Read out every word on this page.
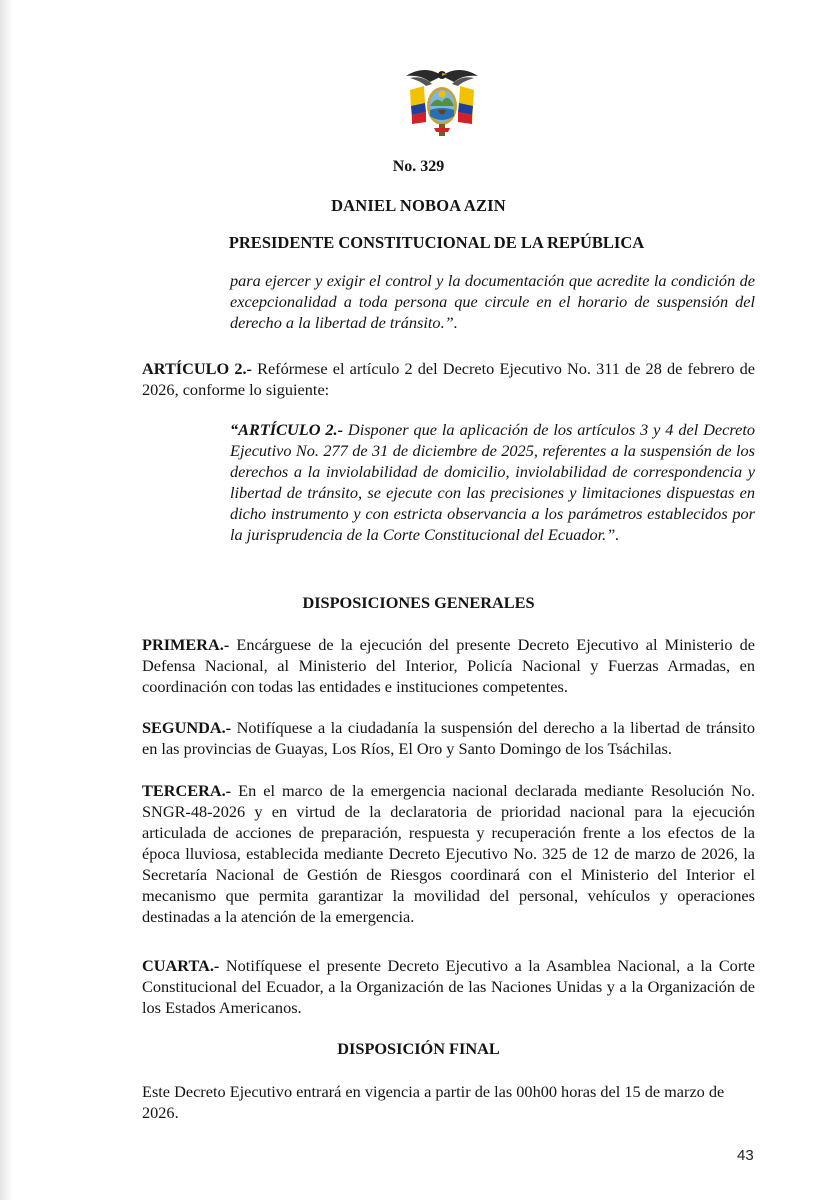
No. 329
DANIEL NOBOA AZIN
PRESIDENTE CONSTITUCIONAL DE LA REPÚBLICA

para ejercer y exigir el control y la documentación que acredite la condición de excepcionalidad a toda persona que circule en el horario de suspensión del derecho a la libertad de tránsito.”.

ARTÍCULO 2.- Refórmese el artículo 2 del Decreto Ejecutivo No. 311 de 28 de febrero de 2026, conforme lo siguiente:

“ARTÍCULO 2.- Disponer que la aplicación de los artículos 3 y 4 del Decreto Ejecutivo No. 277 de 31 de diciembre de 2025, referentes a la suspensión de los derechos a la inviolabilidad de domicilio, inviolabilidad de correspondencia y libertad de tránsito, se ejecute con las precisiones y limitaciones dispuestas en dicho instrumento y con estricta observancia a los parámetros establecidos por la jurisprudencia de la Corte Constitucional del Ecuador.”.

DISPOSICIONES GENERALES

PRIMERA.- Encárguese de la ejecución del presente Decreto Ejecutivo al Ministerio de Defensa Nacional, al Ministerio del Interior, Policía Nacional y Fuerzas Armadas, en coordinación con todas las entidades e instituciones competentes.

SEGUNDA.- Notifíquese a la ciudadanía la suspensión del derecho a la libertad de tránsito en las provincias de Guayas, Los Ríos, El Oro y Santo Domingo de los Tsáchilas.

TERCERA.- En el marco de la emergencia nacional declarada mediante Resolución No. SNGR-48-2026 y en virtud de la declaratoria de prioridad nacional para la ejecución articulada de acciones de preparación, respuesta y recuperación frente a los efectos de la época lluviosa, establecida mediante Decreto Ejecutivo No. 325 de 12 de marzo de 2026, la Secretaría Nacional de Gestión de Riesgos coordinará con el Ministerio del Interior el mecanismo que permita garantizar la movilidad del personal, vehículos y operaciones destinadas a la atención de la emergencia.

CUARTA.- Notifíquese el presente Decreto Ejecutivo a la Asamblea Nacional, a la Corte Constitucional del Ecuador, a la Organización de las Naciones Unidas y a la Organización de los Estados Americanos.

DISPOSICIÓN FINAL

Este Decreto Ejecutivo entrará en vigencia a partir de las 00h00 horas del 15 de marzo de 2026.

43
